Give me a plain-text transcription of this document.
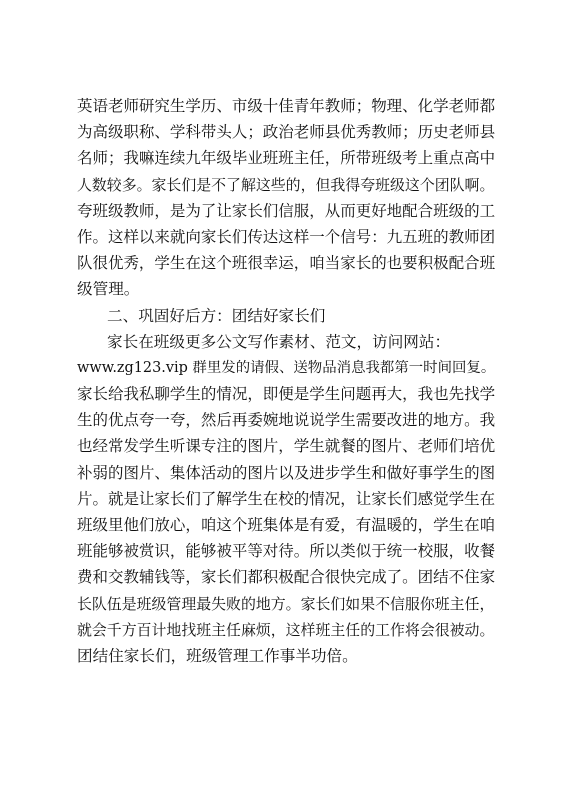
英语老师研究生学历、市级十佳青年教师；物理、化学老师都
为高级职称、学科带头人；政治老师县优秀教师；历史老师县
名师；我嘛连续九年级毕业班班主任，所带班级考上重点高中
人数较多。家长们是不了解这些的，但我得夸班级这个团队啊。
夸班级教师，是为了让家长们信服，从而更好地配合班级的工
作。这样以来就向家长们传达这样一个信号：九五班的教师团
队很优秀，学生在这个班很幸运，咱当家长的也要积极配合班
级管理。
二、巩固好后方：团结好家长们
家长在班级更多公文写作素材、范文，访问网站：
www.zg123.vip 群里发的请假、送物品消息我都第一时间回复。
家长给我私聊学生的情况，即便是学生问题再大，我也先找学
生的优点夸一夸，然后再委婉地说说学生需要改进的地方。我
也经常发学生听课专注的图片，学生就餐的图片、老师们培优
补弱的图片、集体活动的图片以及进步学生和做好事学生的图
片。就是让家长们了解学生在校的情况，让家长们感觉学生在
班级里他们放心，咱这个班集体是有爱，有温暖的，学生在咱
班能够被赏识，能够被平等对待。所以类似于统一校服，收餐
费和交教辅钱等，家长们都积极配合很快完成了。团结不住家
长队伍是班级管理最失败的地方。家长们如果不信服你班主任，
就会千方百计地找班主任麻烦，这样班主任的工作将会很被动。
团结住家长们，班级管理工作事半功倍。
